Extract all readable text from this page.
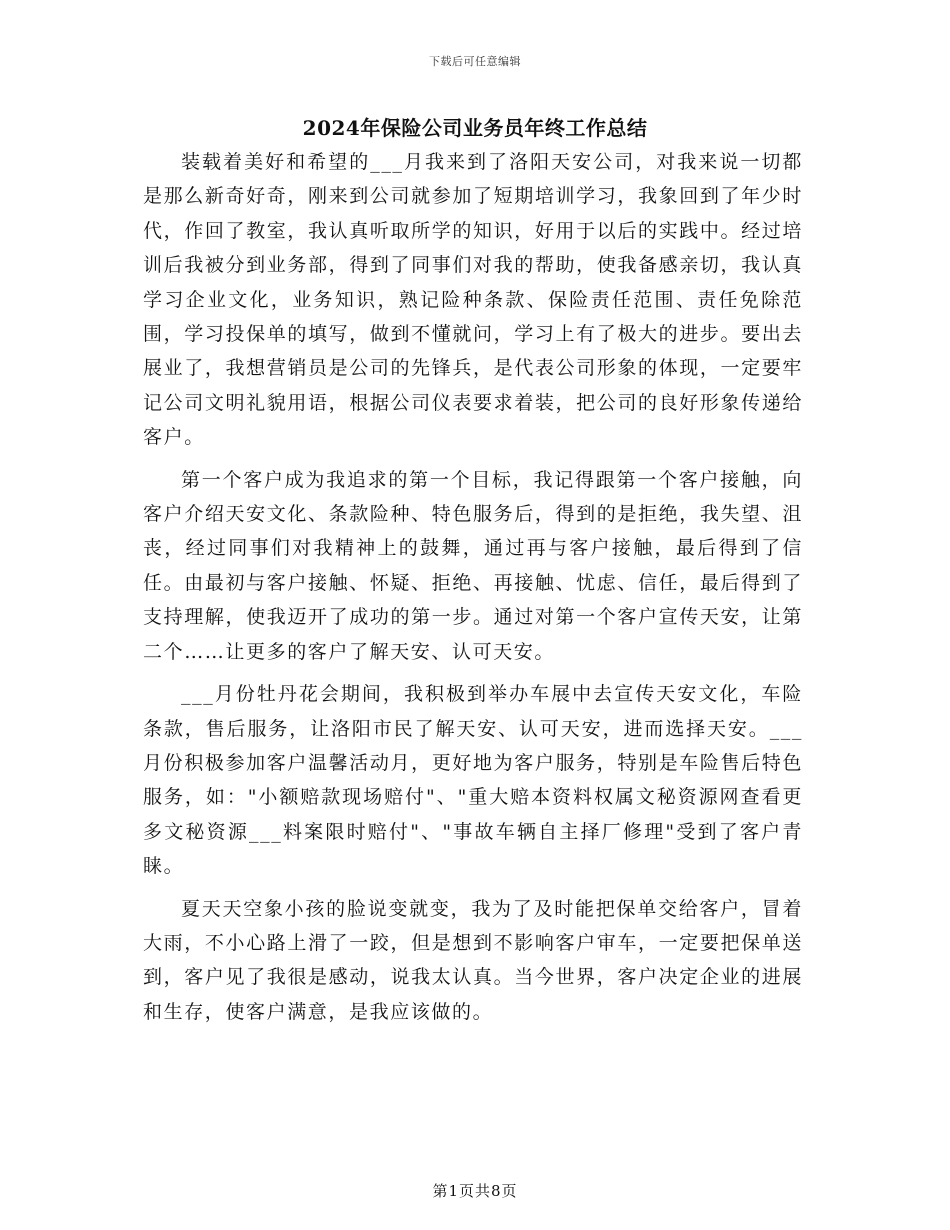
下载后可任意编辑
2024年保险公司业务员年终工作总结

装载着美好和希望的___月我来到了洛阳天安公司，对我来说一切都是那么新奇好奇，刚来到公司就参加了短期培训学习，我象回到了年少时代，作回了教室，我认真听取所学的知识，好用于以后的实践中。经过培训后我被分到业务部，得到了同事们对我的帮助，使我备感亲切，我认真学习企业文化，业务知识，熟记险种条款、保险责任范围、责任免除范围，学习投保单的填写，做到不懂就问，学习上有了极大的进步。要出去展业了，我想营销员是公司的先锋兵，是代表公司形象的体现，一定要牢记公司文明礼貌用语，根据公司仪表要求着装，把公司的良好形象传递给客户。

第一个客户成为我追求的第一个目标，我记得跟第一个客户接触，向客户介绍天安文化、条款险种、特色服务后，得到的是拒绝，我失望、沮丧，经过同事们对我精神上的鼓舞，通过再与客户接触，最后得到了信任。由最初与客户接触、怀疑、拒绝、再接触、忧虑、信任，最后得到了支持理解，使我迈开了成功的第一步。通过对第一个客户宣传天安，让第二个……让更多的客户了解天安、认可天安。

___月份牡丹花会期间，我积极到举办车展中去宣传天安文化，车险条款，售后服务，让洛阳市民了解天安、认可天安，进而选择天安。___月份积极参加客户温馨活动月，更好地为客户服务，特别是车险售后特色服务，如："小额赔款现场赔付"、"重大赔本资料权属文秘资源网查看更多文秘资源___料案限时赔付"、"事故车辆自主择厂修理"受到了客户青睐。

夏天天空象小孩的脸说变就变，我为了及时能把保单交给客户，冒着大雨，不小心路上滑了一跤，但是想到不影响客户审车，一定要把保单送到，客户见了我很是感动，说我太认真。当今世界，客户决定企业的进展和生存，使客户满意，是我应该做的。

第1页共8页
